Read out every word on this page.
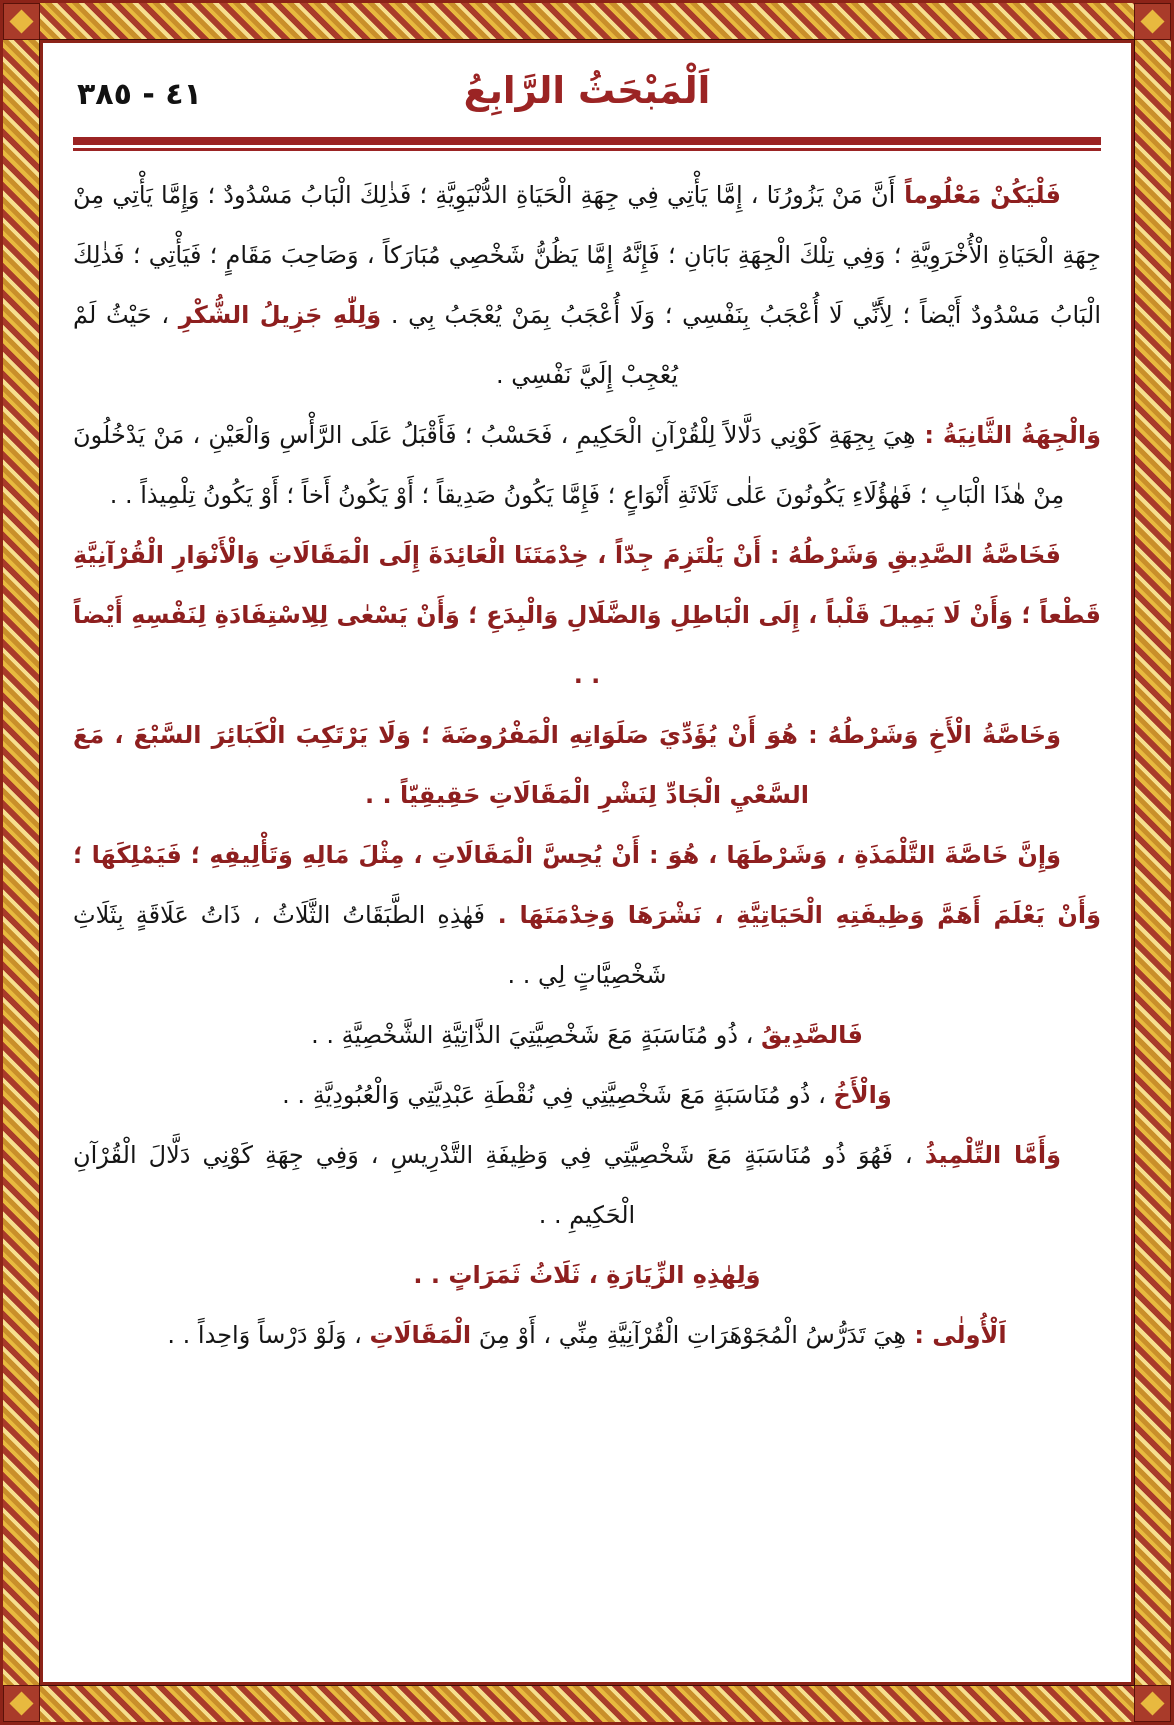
٤١ - ٣٨٥	اَلْمَبْحَثُ الرَّابِعُ

فَلْيَكُنْ مَعْلُوماً أَنَّ مَنْ يَزُورُنَا ، إِمَّا يَأْتِي فِي جِهَةِ الْحَيَاةِ الدُّنْيَوِيَّةِ ؛ فَذٰلِكَ الْبَابُ مَسْدُودٌ ؛ وَإِمَّا يَأْتِي مِنْ جِهَةِ الْحَيَاةِ الْأُخْرَوِيَّةِ ؛ وَفِي تِلْكَ الْجِهَةِ بَابَانِ ؛ فَإِنَّهُ إِمَّا يَظُنُّ شَخْصِي مُبَارَكاً ، وَصَاحِبَ مَقَامٍ ؛ فَيَأْتِي ؛ فَذٰلِكَ الْبَابُ مَسْدُودٌ أَيْضاً ؛ لِأَنِّي لَا أُعْجَبُ بِنَفْسِي ؛ وَلَا أُعْجَبُ بِمَنْ يُعْجَبُ بِي . وَلِلّٰهِ جَزِيلُ الشُّكْرِ ، حَيْثُ لَمْ يُعْجِبْ إِلَيَّ نَفْسِي .

وَالْجِهَةُ الثَّانِيَةُ : هِيَ بِجِهَةِ كَوْنِي دَلَّالاً لِلْقُرْآنِ الْحَكِيمِ ، فَحَسْبُ ؛ فَأَقْبَلُ عَلَى الرَّأْسِ وَالْعَيْنِ ، مَنْ يَدْخُلُونَ مِنْ هٰذَا الْبَابِ ؛ فَهٰؤُلَاءِ يَكُونُونَ عَلٰى ثَلَاثَةِ أَنْوَاعٍ ؛ فَإِمَّا يَكُونُ صَدِيقاً ؛ أَوْ يَكُونُ أَخاً ؛ أَوْ يَكُونُ تِلْمِيذاً . .

فَخَاصَّةُ الصَّدِيقِ وَشَرْطُهُ : أَنْ يَلْتَزِمَ جِدّاً ، خِدْمَتَنَا الْعَائِدَةَ إِلَى الْمَقَالَاتِ وَالْأَنْوَارِ الْقُرْآنِيَّةِ قَطْعاً ؛ وَأَنْ لَا يَمِيلَ قَلْباً ، إِلَى الْبَاطِلِ وَالضَّلَالِ وَالْبِدَعِ ؛ وَأَنْ يَسْعٰى لِلِاسْتِفَادَةِ لِنَفْسِهِ أَيْضاً . .

وَخَاصَّةُ الْأَخِ وَشَرْطُهُ : هُوَ أَنْ يُؤَدِّيَ صَلَوَاتِهِ الْمَفْرُوضَةَ ؛ وَلَا يَرْتَكِبَ الْكَبَائِرَ السَّبْعَ ، مَعَ السَّعْيِ الْجَادِّ لِنَشْرِ الْمَقَالَاتِ حَقِيقِيّاً . .

وَإِنَّ خَاصَّةَ التَّلْمَذَةِ ، وَشَرْطَهَا ، هُوَ : أَنْ يُحِسَّ الْمَقَالَاتِ ، مِثْلَ مَالِهِ وَتَأْلِيفِهِ ؛ فَيَمْلِكَهَا ؛ وَأَنْ يَعْلَمَ أَهَمَّ وَظِيفَتِهِ الْحَيَاتِيَّةِ ، نَشْرَهَا وَخِدْمَتَهَا . فَهٰذِهِ الطَّبَقَاتُ الثَّلَاثُ ، ذَاتُ عَلَاقَةٍ بِثَلَاثِ شَخْصِيَّاتٍ لِي . .

فَالصَّدِيقُ ، ذُو مُنَاسَبَةٍ مَعَ شَخْصِيَّتِيَ الذَّاتِيَّةِ الشَّخْصِيَّةِ . .

وَالْأَخُ ، ذُو مُنَاسَبَةٍ مَعَ شَخْصِيَّتِي فِي نُقْطَةِ عَبْدِيَّتِي وَالْعُبُودِيَّةِ . .

وَأَمَّا التِّلْمِيذُ ، فَهُوَ ذُو مُنَاسَبَةٍ مَعَ شَخْصِيَّتِي فِي وَظِيفَةِ التَّدْرِيسِ ، وَفِي جِهَةِ كَوْنِي دَلَّالَ الْقُرْآنِ الْحَكِيمِ . .

وَلِهٰذِهِ الزِّيَارَةِ ، ثَلَاثُ ثَمَرَاتٍ . .

اَلْأُولٰى : هِيَ تَدَرُّسُ الْمُجَوْهَرَاتِ الْقُرْآنِيَّةِ مِنِّي ، أَوْ مِنَ الْمَقَالَاتِ ، وَلَوْ دَرْساً وَاحِداً . .
